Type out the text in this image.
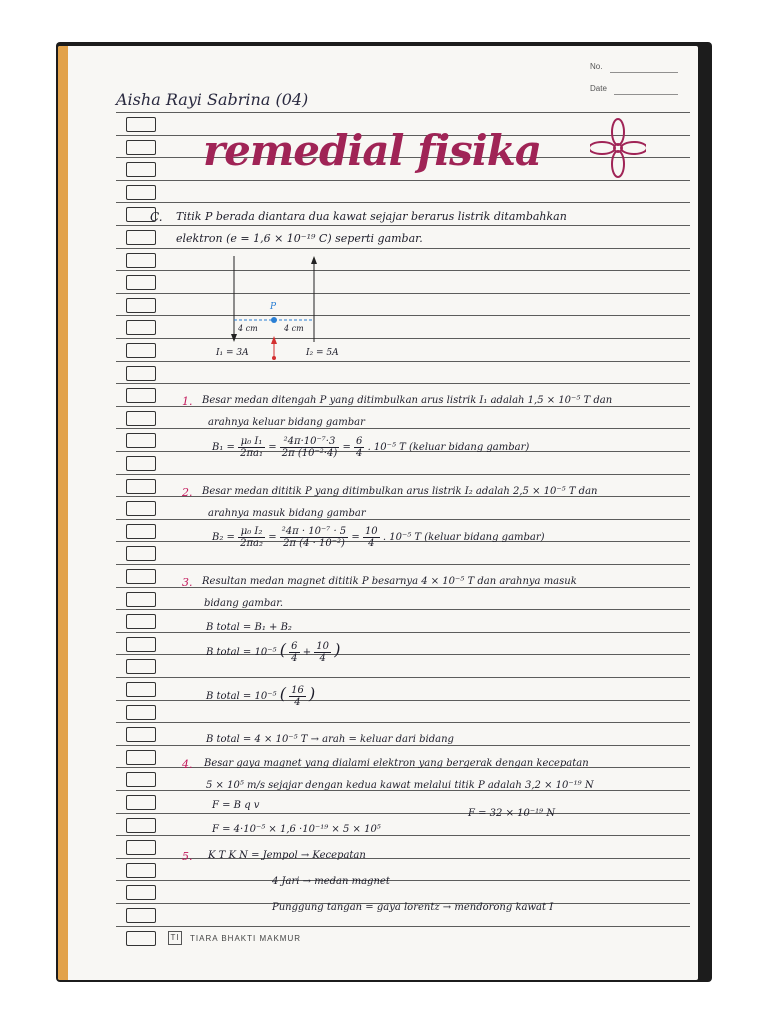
No.
Date
Aisha Rayi Sabrina (04)
remedial fisika
C. Titik P berada diantara dua kawat sejajar berarus listrik ditambahkan
elektron (e = 1,6 × 10⁻¹⁹ C) seperti gambar.
P
4 cm	4 cm
I₁ = 3A	I₂ = 5A
1. Besar medan ditengah P yang ditimbulkan arus listrik I₁ adalah 1,5 × 10⁻⁵ T dan
arahnya keluar bidang gambar
$B_1 = \frac{\text{μ₀ I₁}}{\text{2πa₁}} = \frac{\text{²4π·10⁻⁷·3}}{\text{2π (10⁻²·4)}} = \frac{6}{4}$ . 10⁻⁵ T (keluar bidang gambar)
2. Besar medan dititik P yang ditimbulkan arus listrik I₂ adalah 2,5 × 10⁻⁵ T dan
arahnya masuk bidang gambar
$B_2 = \frac{\text{μ₀ I₂}}{\text{2πa₂}} = \frac{\text{²4π · 10⁻⁷ · 5}}{\text{2π (4 · 10⁻²)}} = \frac{10}{4}$ . 10⁻⁵ T (keluar bidang gambar)
3. Resultan medan magnet dititik P besarnya 4 × 10⁻⁵ T dan arahnya masuk
bidang gambar.
B total = B₁ + B₂
B total = 10⁻⁵ ( $\frac{6}{4} + \frac{10}{4}$ )
B total = 10⁻⁵ ( $\frac{16}{4}$ )
B total = 4 × 10⁻⁵ T → arah = keluar dari bidang
4. Besar gaya magnet yang dialami elektron yang bergerak dengan kecepatan
5 × 10⁵ m/s sejajar dengan kedua kawat melalui titik P adalah 3,2 × 10⁻¹⁹ N
F = B q v
F = 32 × 10⁻¹⁹ N
F = 4·10⁻⁵ × 1,6 ·10⁻¹⁹ × 5 × 10⁵
5. K T K N = Jempol → Kecepatan
4 Jari → medan magnet
Punggung tangan = gaya lorentz → mendorong kawat I
TI	TIARA BHAKTI MAKMUR
